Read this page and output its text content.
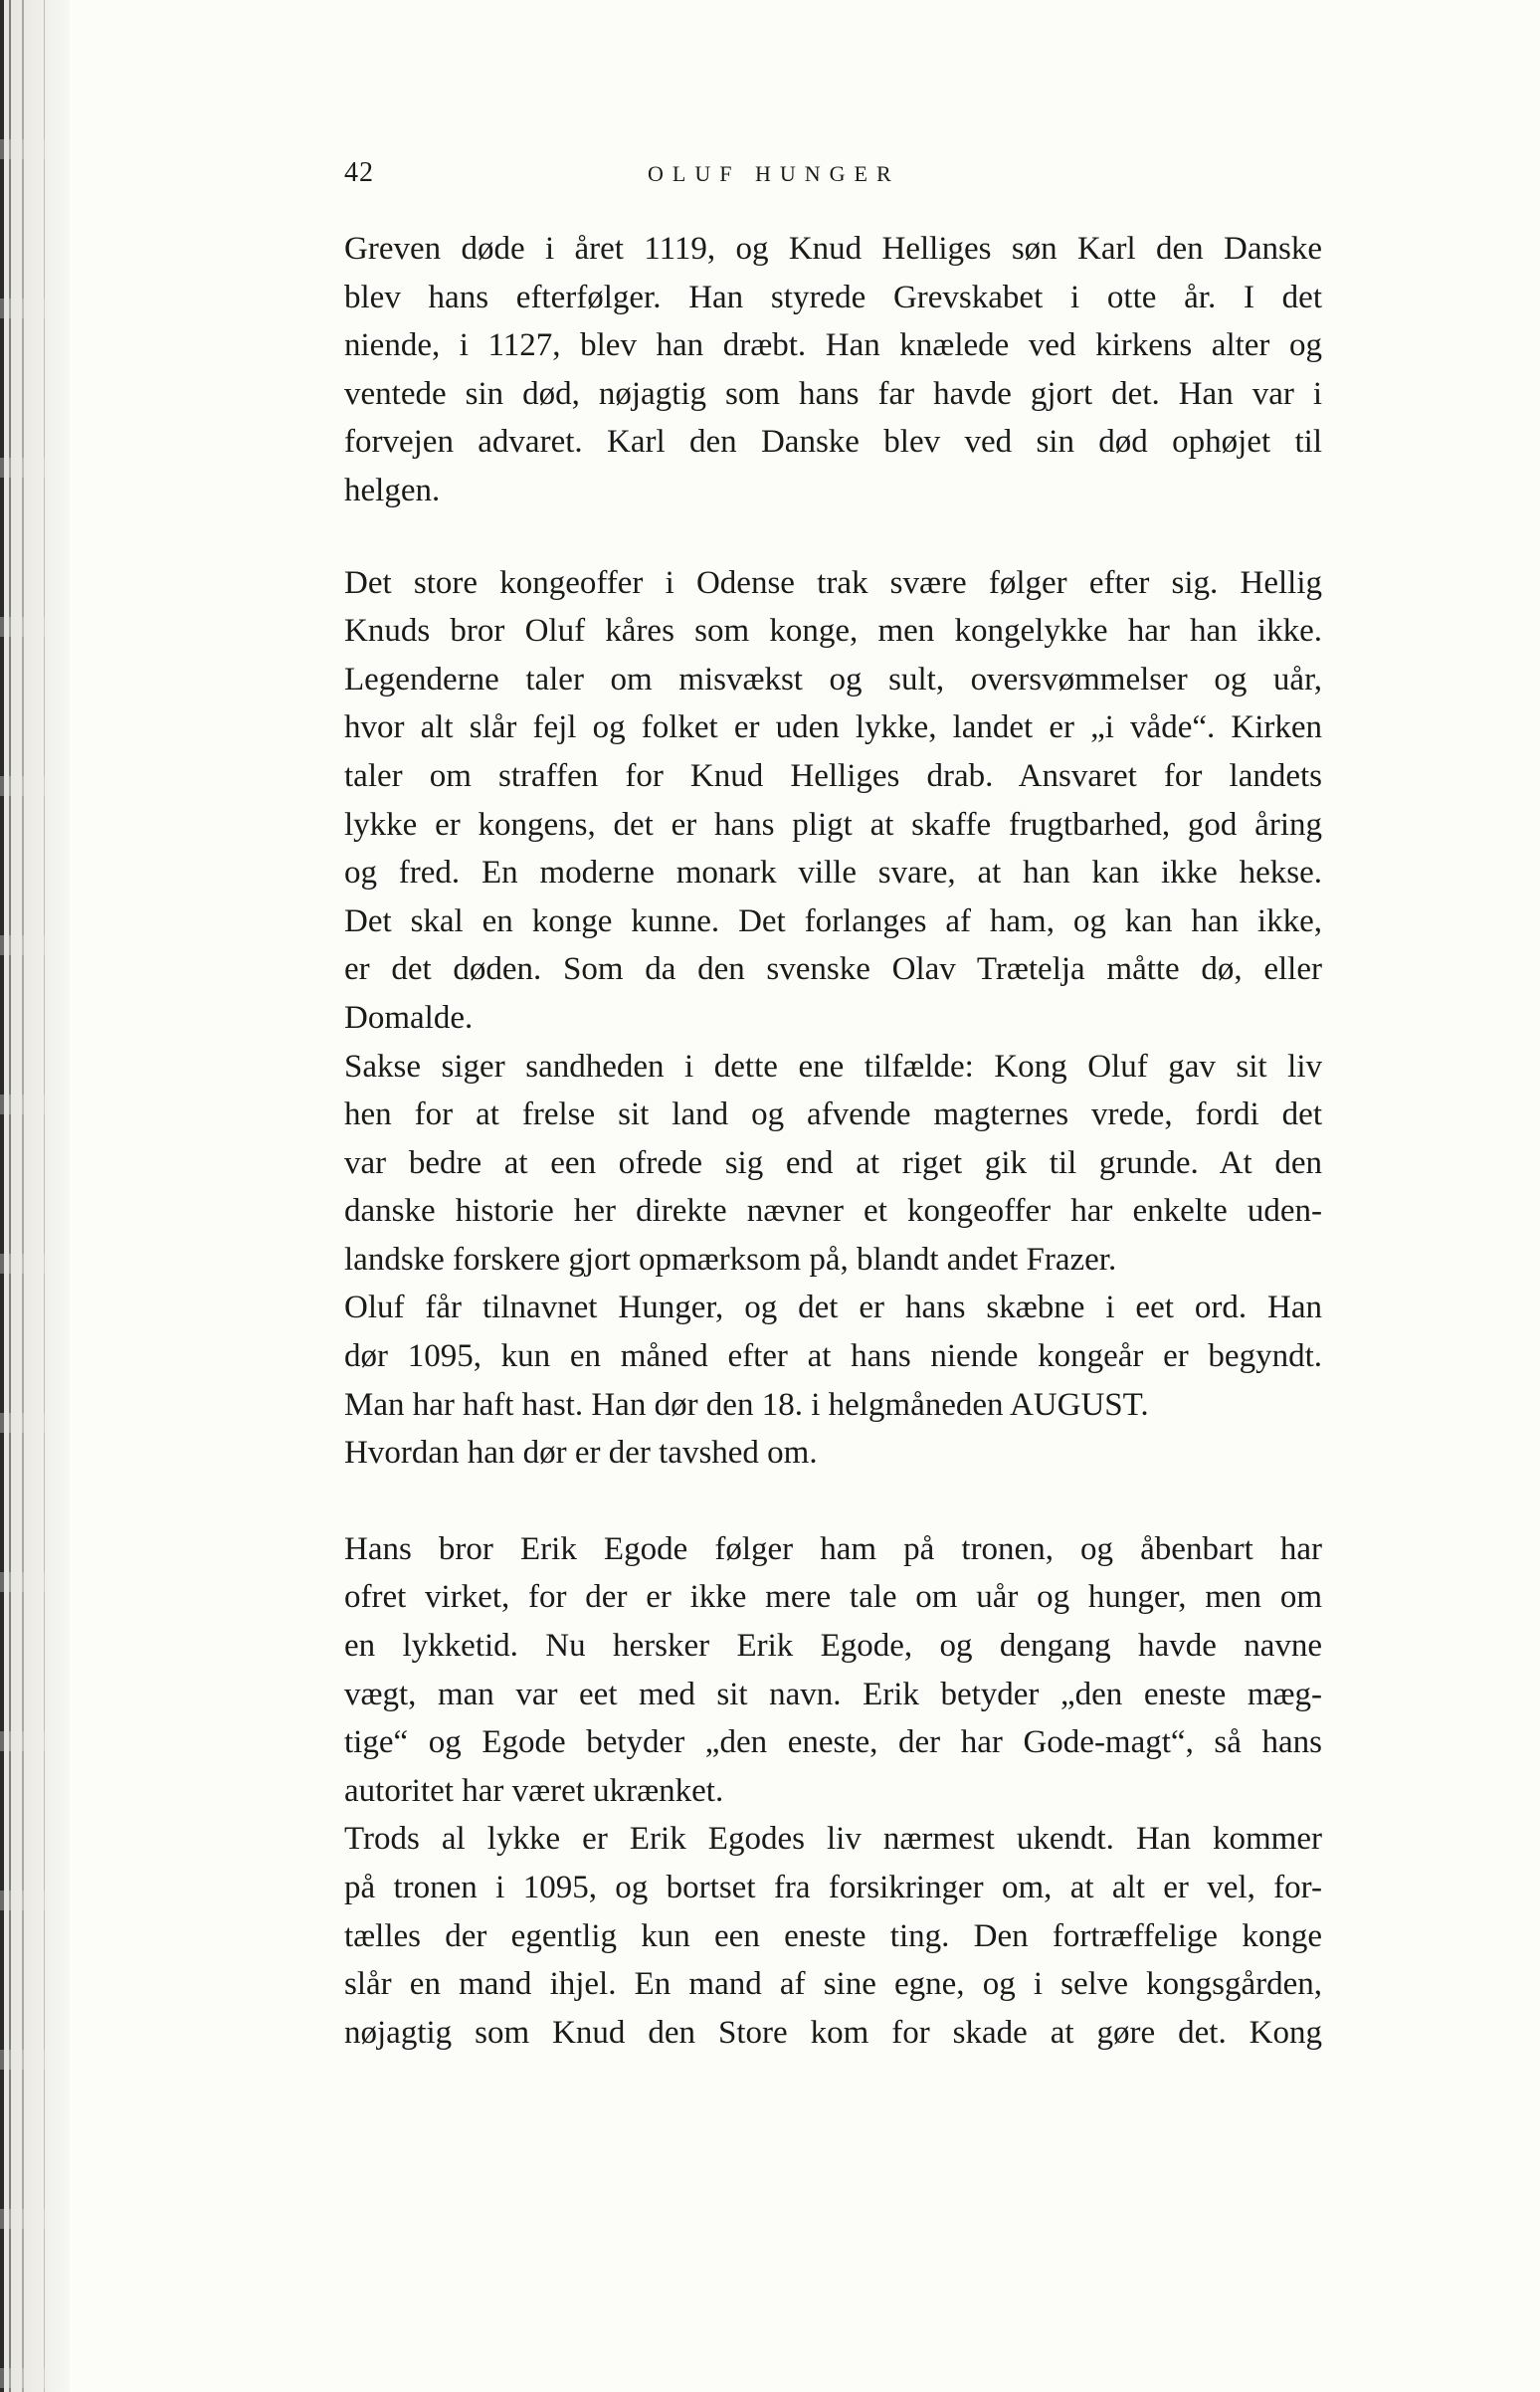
42	OLUF HUNGER
Greven døde i året 1119, og Knud Helliges søn Karl den Danske
blev hans efterfølger. Han styrede Grevskabet i otte år. I det
niende, i 1127, blev han dræbt. Han knælede ved kirkens alter og
ventede sin død, nøjagtig som hans far havde gjort det. Han var i
forvejen advaret. Karl den Danske blev ved sin død ophøjet til
helgen.
Det store kongeoffer i Odense trak svære følger efter sig. Hellig
Knuds bror Oluf kåres som konge, men kongelykke har han ikke.
Legenderne taler om misvækst og sult, oversvømmelser og uår,
hvor alt slår fejl og folket er uden lykke, landet er „i våde“. Kirken
taler om straffen for Knud Helliges drab. Ansvaret for landets
lykke er kongens, det er hans pligt at skaffe frugtbarhed, god åring
og fred. En moderne monark ville svare, at han kan ikke hekse.
Det skal en konge kunne. Det forlanges af ham, og kan han ikke,
er det døden. Som da den svenske Olav Trætelja måtte dø, eller
Domalde.
Sakse siger sandheden i dette ene tilfælde: Kong Oluf gav sit liv
hen for at frelse sit land og afvende magternes vrede, fordi det
var bedre at een ofrede sig end at riget gik til grunde. At den
danske historie her direkte nævner et kongeoffer har enkelte uden-
landske forskere gjort opmærksom på, blandt andet Frazer.
Oluf får tilnavnet Hunger, og det er hans skæbne i eet ord. Han
dør 1095, kun en måned efter at hans niende kongeår er begyndt.
Man har haft hast. Han dør den 18. i helgmåneden AUGUST.
Hvordan han dør er der tavshed om.
Hans bror Erik Egode følger ham på tronen, og åbenbart har
ofret virket, for der er ikke mere tale om uår og hunger, men om
en lykketid. Nu hersker Erik Egode, og dengang havde navne
vægt, man var eet med sit navn. Erik betyder „den eneste mæg-
tige“ og Egode betyder „den eneste, der har Gode-magt“, så hans
autoritet har været ukrænket.
Trods al lykke er Erik Egodes liv nærmest ukendt. Han kommer
på tronen i 1095, og bortset fra forsikringer om, at alt er vel, for-
tælles der egentlig kun een eneste ting. Den fortræffelige konge
slår en mand ihjel. En mand af sine egne, og i selve kongsgården,
nøjagtig som Knud den Store kom for skade at gøre det. Kong
